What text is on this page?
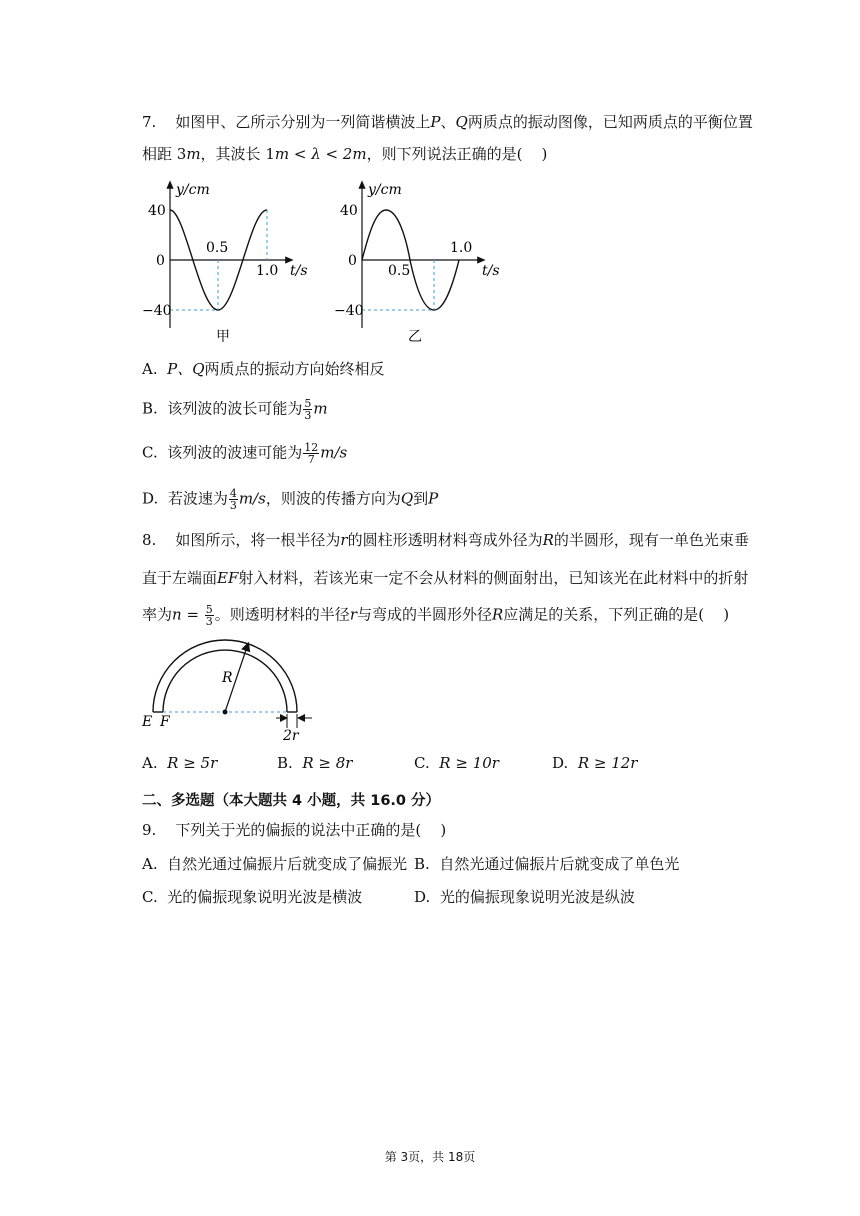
7. 如图甲、乙所示分别为一列简谐横波上P、Q两质点的振动图像，已知两质点的平衡位置
相距 3m，其波长 1m < λ < 2m，则下列说法正确的是( )
y/cm
40
0
−40
0.5
1.0 t/s
甲
y/cm
40
0
−40
0.5
1.0
t/s
乙
A. P、Q两质点的振动方向始终相反
B. 该列波的波长可能为 $\frac{5}{3}$ m
C. 该列波的波速可能为 $\frac{12}{7} m/s$
D. 若波速为 $\frac{4}{3} m/s$，则波的传播方向为Q到P
8. 如图所示，将一根半径为r的圆柱形透明材料弯成外径为R的半圆形，现有一单色光束垂
直于左端面EF射入材料，若该光束一定不会从材料的侧面射出，已知该光在此材料中的折射
率为$n = \frac{5}{3}$ 。则透明材料的半径r与弯成的半圆形外径R应满足的关系，下列正确的是( )
R
E F
2r
A. R ≥ 5r	B. R ≥ 8r	C. R ≥ 10r	D. R ≥ 12r
二、多选题（本大题共 4 小题，共 16.0 分）
9. 下列关于光的偏振的说法中正确的是( )
A. 自然光通过偏振片后就变成了偏振光 B. 自然光通过偏振片后就变成了单色光
C. 光的偏振现象说明光波是横波	D. 光的偏振现象说明光波是纵波
第 3页，共 18页
